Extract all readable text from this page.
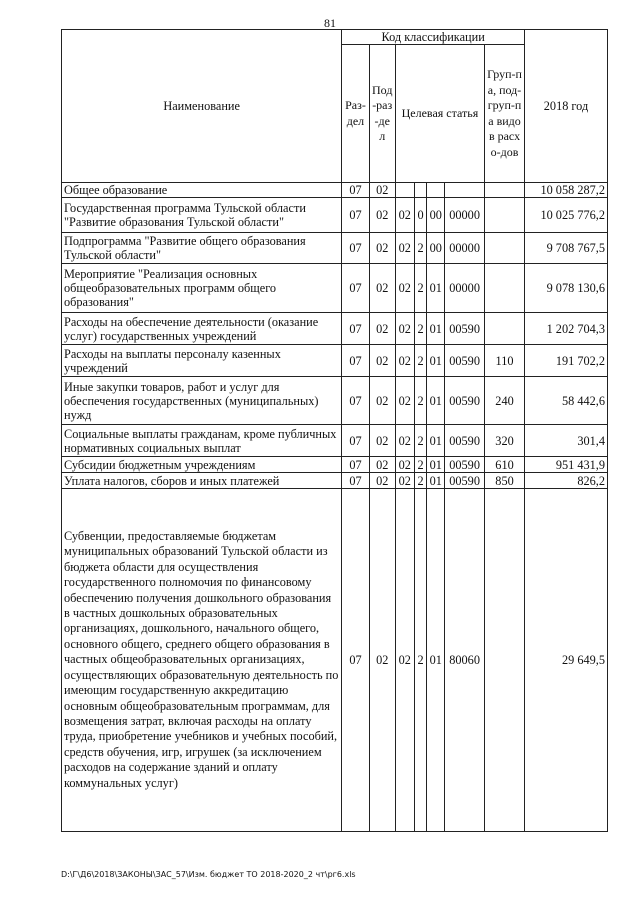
81
Наименование	Код классификации							2018 год
	Раз-дел	Под-раз-дел	Целевая статья				Груп-па, под-груп-па видов расхо-дов	
Общее образование	07	02						10 058 287,2
Государственная программа Тульской области "Развитие образования Тульской области"	07	02	02	0	00	00000		10 025 776,2
Подпрограмма "Развитие общего образования Тульской области"	07	02	02	2	00	00000		9 708 767,5
Мероприятие "Реализация основных общеобразовательных программ общего образования"	07	02	02	2	01	00000		9 078 130,6
Расходы на обеспечение деятельности (оказание услуг) государственных учреждений	07	02	02	2	01	00590		1 202 704,3
Расходы на выплаты персоналу казенных учреждений	07	02	02	2	01	00590	110	191 702,2
Иные закупки товаров, работ и услуг для обеспечения государственных (муниципальных) нужд	07	02	02	2	01	00590	240	58 442,6
Социальные выплаты гражданам, кроме публичных нормативных социальных выплат	07	02	02	2	01	00590	320	301,4
Субсидии бюджетным учреждениям	07	02	02	2	01	00590	610	951 431,9
Уплата налогов, сборов и иных платежей	07	02	02	2	01	00590	850	826,2
Субвенции, предоставляемые бюджетам муниципальных образований Тульской области из бюджета области для осуществления государственного полномочия по финансовому обеспечению получения дошкольного образования в частных дошкольных образовательных организациях, дошкольного, начального общего, основного общего, среднего общего образования в частных общеобразовательных организациях, осуществляющих образовательную деятельность по имеющим государственную аккредитацию основным общеобразовательным программам, для возмещения затрат, включая расходы на оплату труда, приобретение учебников и учебных пособий, средств обучения, игр, игрушек (за исключением расходов на содержание зданий и оплату коммунальных услуг)	07	02	02	2	01	80060		29 649,5
D:\Г\Д6\2018\ЗАКОНЫ\ЗАС_57\Изм. бюджет ТО 2018-2020_2 чт\рг6.xls
